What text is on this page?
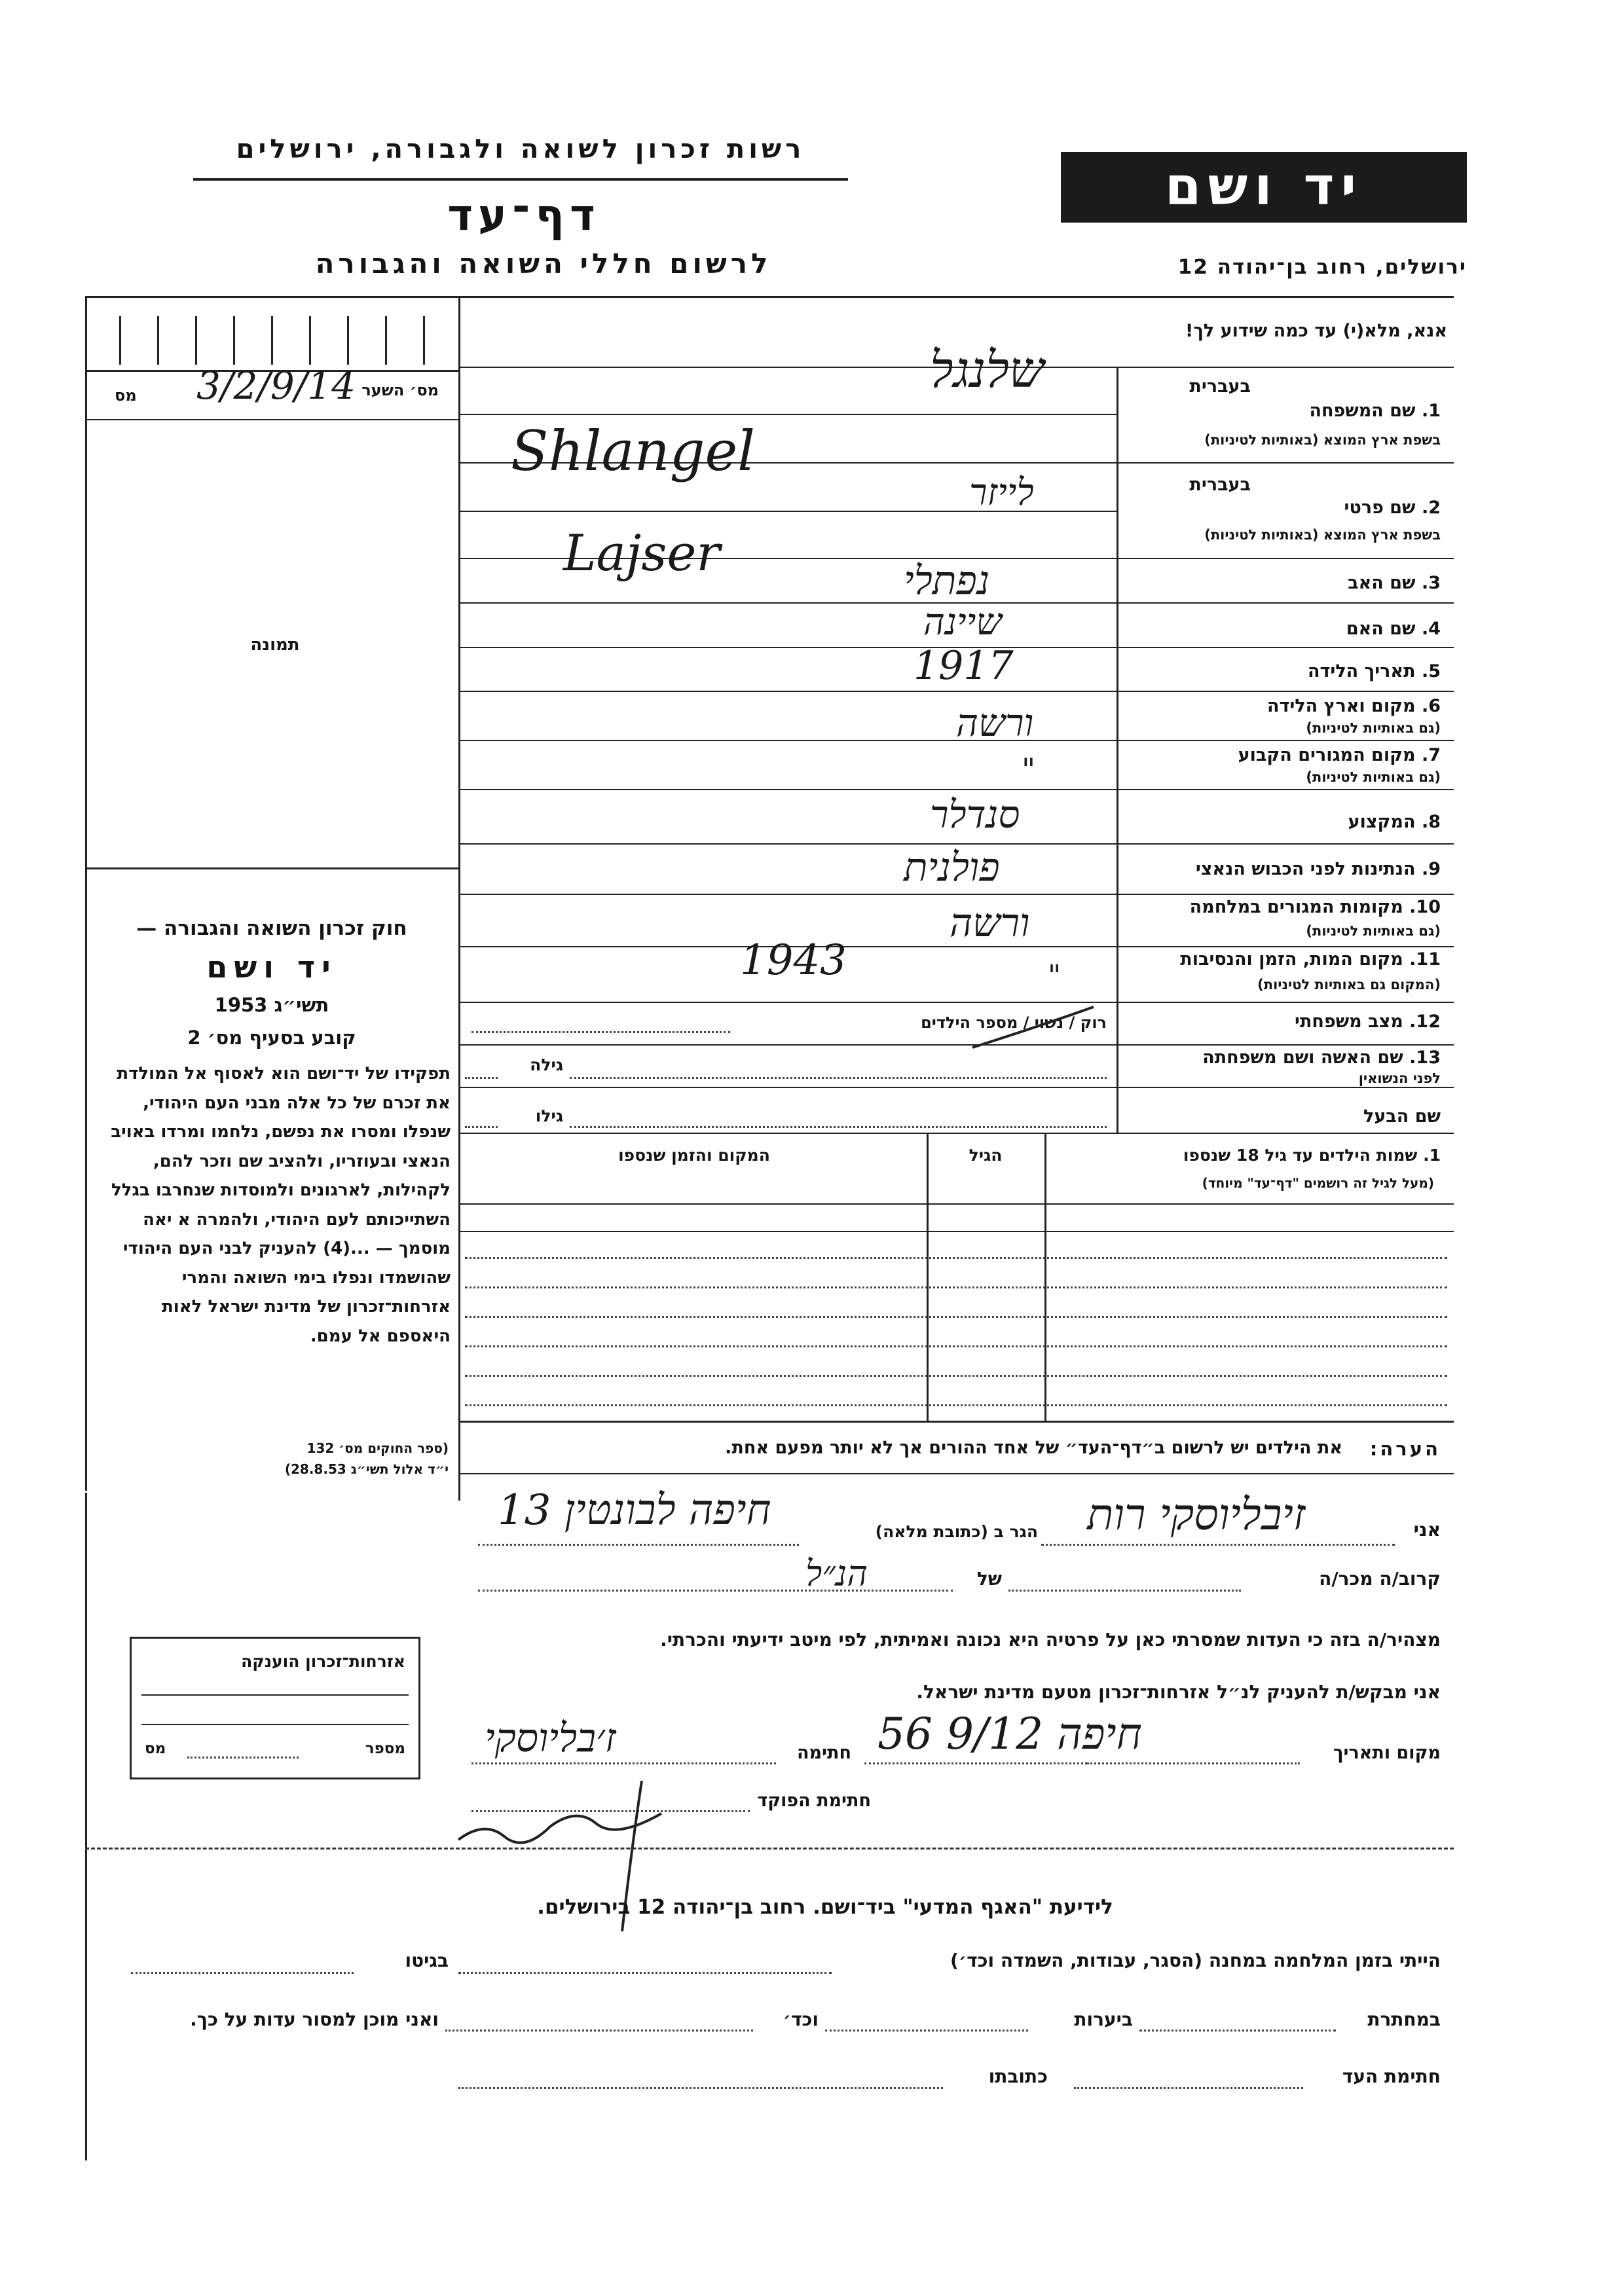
רשות זכרון לשואה ולגבורה, ירושלים
דף־עד
לרשום חללי השואה והגבורה
יד ושם
ירושלים, רחוב בן־יהודה 12
מס׳ השער
3/2/9/14
מס
תמונה
חוק זכרון השואה והגבורה —
יד ושם
תשי״ג 1953
קובע בסעיף מס׳ 2
תפקידו של יד־ושם הוא לאסוף אל המולדת את זכרם של כל אלה מבני העם היהודי, שנפלו ומסרו את נפשם, נלחמו ומרדו באויב הנאצי ובעוזריו, ולהציב שם וזכר להם, לקהילות, לארגונים ולמוסדות שנחרבו בגלל השתייכותם לעם היהודי, ולהמרה א יאה מוסמך — ...(4) להעניק לבני העם היהודי שהושמדו ונפלו בימי השואה והמרי אזרחות־זכרון של מדינת ישראל לאות היאספם אל עמם.
(ספר החוקים מס׳ 132
י״ד אלול תשי״ג 28.8.53)
אזרחות־זכרון הוענקה
מספר
מס
אנא, מלא(י) עד כמה שידוע לך!
1. שם המשפחה
בעברית
בשפת ארץ המוצא (באותיות לטיניות)
שלנגל
Shlangel
2. שם פרטי
בעברית
בשפת ארץ המוצא (באותיות לטיניות)
לייזר
Lajser
3. שם האב
נפתלי
4. שם האם
שיינה
5. תאריך הלידה
1917
6. מקום וארץ הלידה
(גם באותיות לטיניות)
ורשה
7. מקום המגורים הקבוע
(גם באותיות לטיניות)
"
8. המקצוע
סנדלר
9. הנתינות לפני הכבוש הנאצי
פולנית
10. מקומות המגורים במלחמה
(גם באותיות לטיניות)
ורשה
11. מקום המות, הזמן והנסיבות
(המקום גם באותיות לטיניות)
1943	"
12. מצב משפחתי
רוק / נשוי / מספר הילדים
13. שם האשה ושם משפחתה
לפני הנשואין
גילה
שם הבעל
גילו
1. שמות הילדים עד גיל 18 שנספו
(מעל לגיל זה רושמים "דף־עד" מיוחד)
הגיל
המקום והזמן שנספו
הערה:
את הילדים יש לרשום ב״דף־העד״ של אחד ההורים אך לא יותר מפעם אחת.
אני
זיבליוסקי רות
הגר ב (כתובת מלאה)
חיפה לבונטין 13
קרוב/ה מכר/ה
של
הנ״ל
מצהיר/ה בזה כי העדות שמסרתי כאן על פרטיה היא נכונה ואמיתית, לפי מיטב ידיעתי והכרתי.
אני מבקש/ת להעניק לנ״ל אזרחות־זכרון מטעם מדינת ישראל.
מקום ותאריך
חיפה 9/12 56
חתימה
ז׳בליוסקי
חתימת הפוקד
לידיעת "האגף המדעי" ביד־ושם. רחוב בן־יהודה 12 בירושלים.
הייתי בזמן המלחמה במחנה (הסגר, עבודות, השמדה וכד׳)
בגיטו
במחתרת
ביערות
וכד׳
ואני מוכן למסור עדות על כך.
חתימת העד
כתובתו
